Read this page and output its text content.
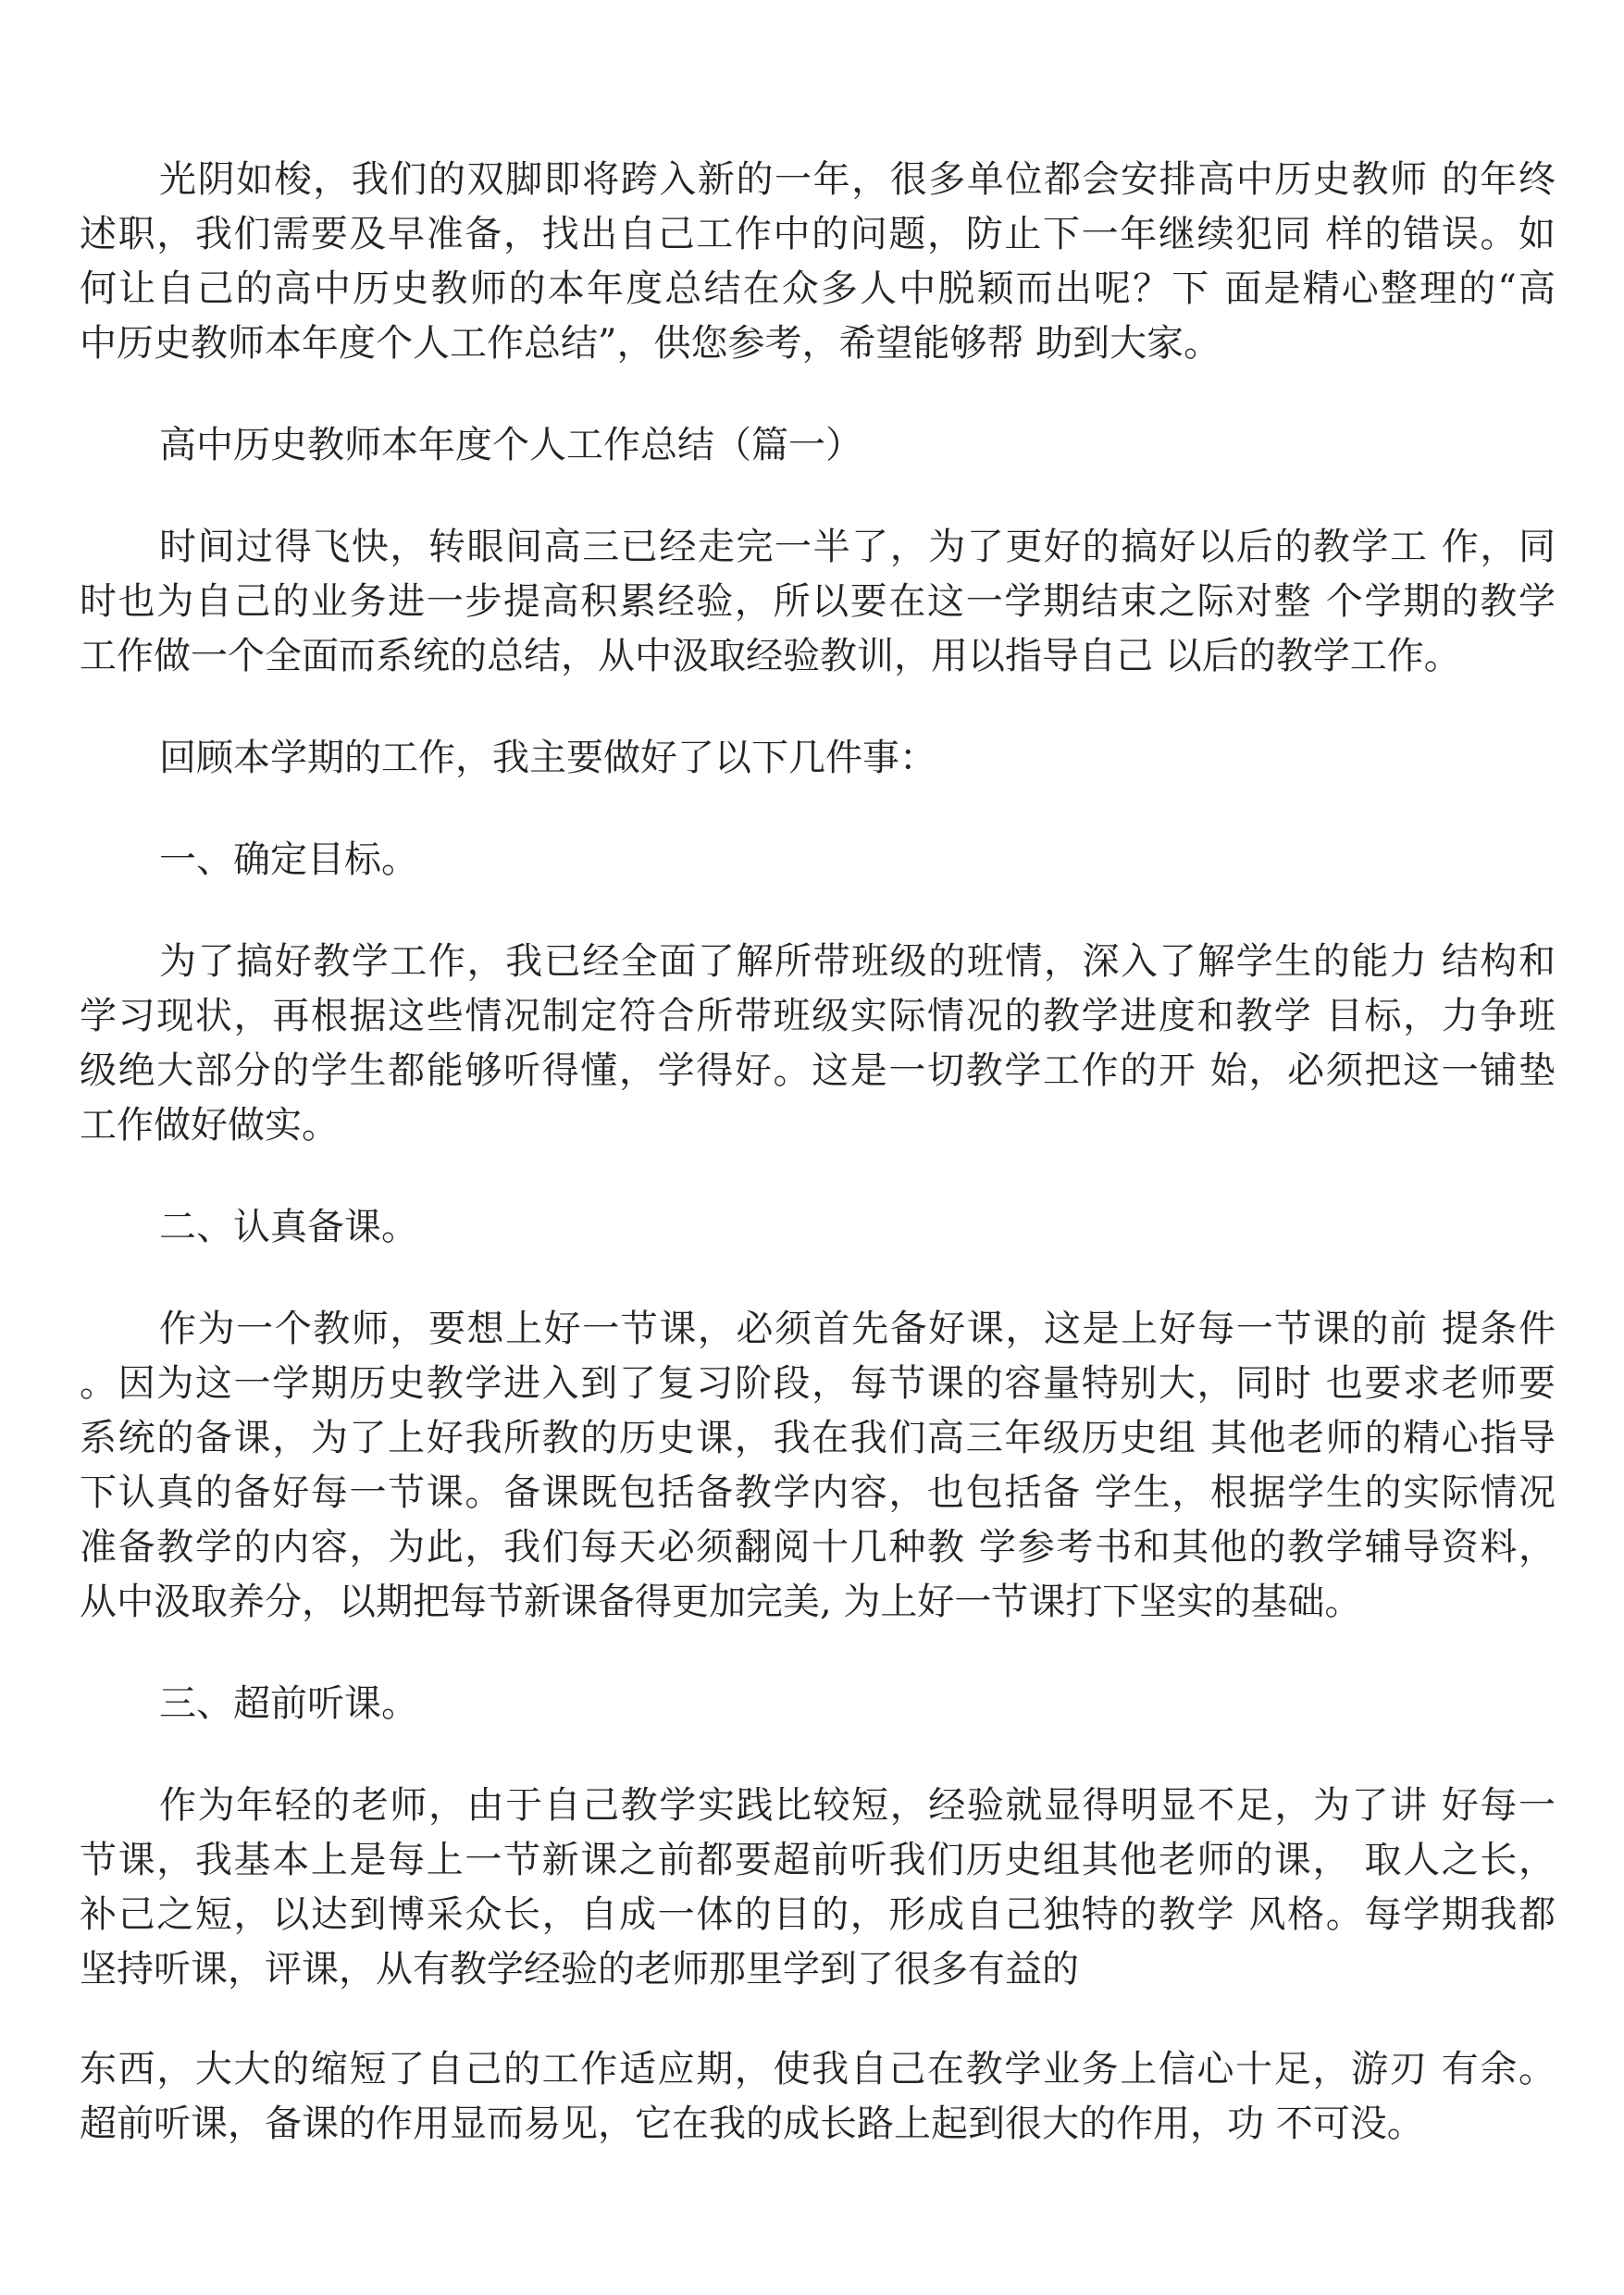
光阴如梭，我们的双脚即将跨入新的一年，很多单位都会安排高中历史教师 的年终
述职，我们需要及早准备，找出自己工作中的问题，防止下一年继续犯同 样的错误。如
何让自己的高中历史教师的本年度总结在众多人中脱颖而出呢？下 面是精心整理的“高
中历史教师本年度个人工作总结”，供您参考，希望能够帮 助到大家。
高中历史教师本年度个人工作总结（篇一）
时间过得飞快，转眼间高三已经走完一半了，为了更好的搞好以后的教学工 作，同
时也为自己的业务进一步提高积累经验，所以要在这一学期结束之际对整 个学期的教学
工作做一个全面而系统的总结，从中汲取经验教训，用以指导自己 以后的教学工作。
回顾本学期的工作，我主要做好了以下几件事：
一、确定目标。
为了搞好教学工作，我已经全面了解所带班级的班情，深入了解学生的能力 结构和
学习现状，再根据这些情况制定符合所带班级实际情况的教学进度和教学 目标，力争班
级绝大部分的学生都能够听得懂，学得好。这是一切教学工作的开 始，必须把这一铺垫
工作做好做实。
二、认真备课。
作为一个教师，要想上好一节课，必须首先备好课，这是上好每一节课的前 提条件
。因为这一学期历史教学进入到了复习阶段，每节课的容量特别大，同时 也要求老师要
系统的备课，为了上好我所教的历史课，我在我们高三年级历史组 其他老师的精心指导
下认真的备好每一节课。备课既包括备教学内容，也包括备 学生，根据学生的实际情况
准备教学的内容，为此，我们每天必须翻阅十几种教 学参考书和其他的教学辅导资料，
从中汲取养分，以期把每节新课备得更加完美, 为上好一节课打下坚实的基础。
三、超前听课。
作为年轻的老师，由于自己教学实践比较短，经验就显得明显不足，为了讲 好每一
节课，我基本上是每上一节新课之前都要超前听我们历史组其他老师的课， 取人之长，
补己之短，以达到博采众长，自成一体的目的，形成自己独特的教学 风格。每学期我都
坚持听课，评课，从有教学经验的老师那里学到了很多有益的
东西，大大的缩短了自己的工作适应期，使我自己在教学业务上信心十足，游刃 有余。
超前听课，备课的作用显而易见，它在我的成长路上起到很大的作用，功 不可没。
